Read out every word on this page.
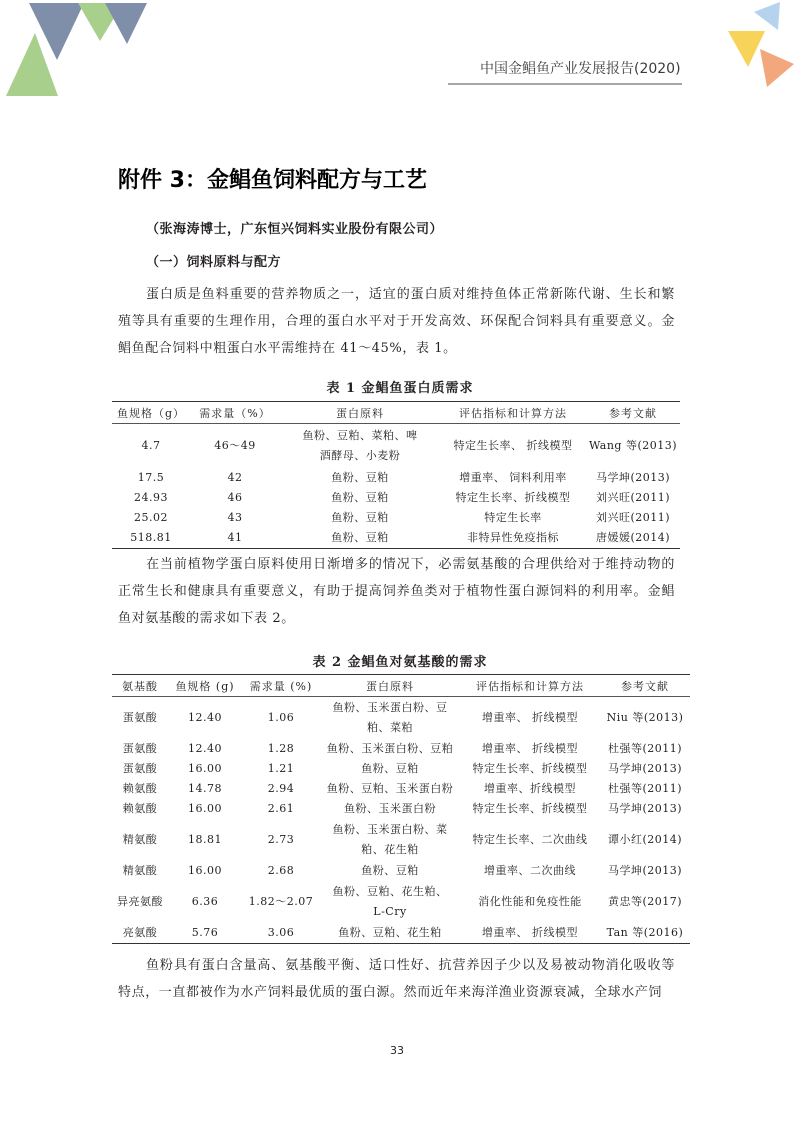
中国金鲳鱼产业发展报告(2020)
附件 3：金鲳鱼饲料配方与工艺
（张海涛博士，广东恒兴饲料实业股份有限公司）
（一）饲料原料与配方

蛋白质是鱼料重要的营养物质之一，适宜的蛋白质对维持鱼体正常新陈代谢、生长和繁殖等具有重要的生理作用，合理的蛋白水平对于开发高效、环保配合饲料具有重要意义。金鲳鱼配合饲料中粗蛋白水平需维持在 41～45%，表 1。

表 1 金鲳鱼蛋白质需求
鱼规格（g）	需求量（%）	蛋白原料	评估指标和计算方法	参考文献
4.7	46～49	鱼粉、豆粕、菜粕、啤酒酵母、小麦粉	特定生长率、 折线模型	Wang 等(2013)
17.5	42	鱼粉、豆粕	增重率、 饲料利用率	马学坤(2013)
24.93	46	鱼粉、豆粕	特定生长率、折线模型	刘兴旺(2011)
25.02	43	鱼粉、豆粕	特定生长率	刘兴旺(2011)
518.81	41	鱼粉、豆粕	非特异性免疫指标	唐媛媛(2014)

在当前植物学蛋白原料使用日渐增多的情况下，必需氨基酸的合理供给对于维持动物的正常生长和健康具有重要意义，有助于提高饲养鱼类对于植物性蛋白源饲料的利用率。金鲳鱼对氨基酸的需求如下表 2。

表 2 金鲳鱼对氨基酸的需求
氨基酸	鱼规格 (g)	需求量 (%)	蛋白原料	评估指标和计算方法	参考文献
蛋氨酸	12.40	1.06	鱼粉、玉米蛋白粉、豆粕、菜粕	增重率、 折线模型	Niu 等(2013)
蛋氨酸	12.40	1.28	鱼粉、玉米蛋白粉、豆粕	增重率、 折线模型	杜强等(2011)
蛋氨酸	16.00	1.21	鱼粉、豆粕	特定生长率、折线模型	马学坤(2013)
赖氨酸	14.78	2.94	鱼粉、豆粕、玉米蛋白粉	增重率、折线模型	杜强等(2011)
赖氨酸	16.00	2.61	鱼粉、玉米蛋白粉	特定生长率、折线模型	马学坤(2013)
精氨酸	18.81	2.73	鱼粉、玉米蛋白粉、菜粕、花生粕	特定生长率、二次曲线	谭小红(2014)
精氨酸	16.00	2.68	鱼粉、豆粕	增重率、二次曲线	马学坤(2013)
异亮氨酸	6.36	1.82～2.07	鱼粉、豆粕、花生粕、L-Cry	消化性能和免疫性能	黄忠等(2017)
亮氨酸	5.76	3.06	鱼粉、豆粕、花生粕	增重率、 折线模型	Tan 等(2016)

鱼粉具有蛋白含量高、氨基酸平衡、适口性好、抗营养因子少以及易被动物消化吸收等特点，一直都被作为水产饲料最优质的蛋白源。然而近年来海洋渔业资源衰减，全球水产饲

33
